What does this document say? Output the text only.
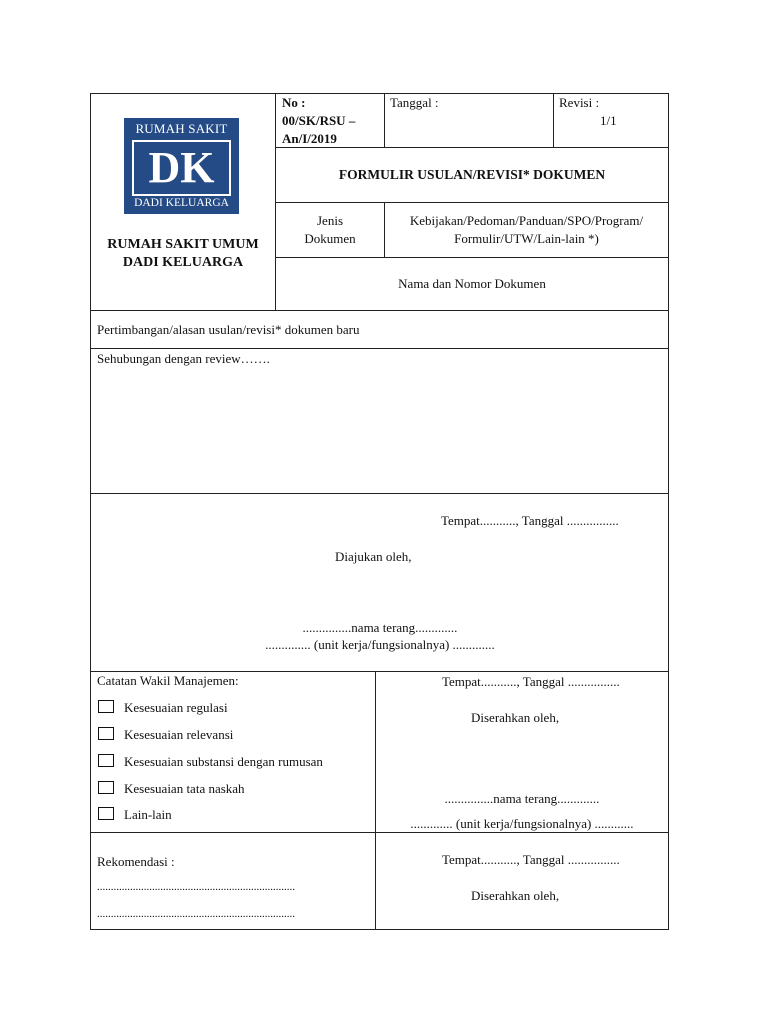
RUMAH SAKIT
DK
DADI KELUARGA
RUMAH SAKIT UMUM
DADI KELUARGA
No :
00/SK/RSU –
An/I/2019
Tanggal :	Revisi :
1/1
FORMULIR USULAN/REVISI* DOKUMEN
Jenis
Dokumen
Kebijakan/Pedoman/Panduan/SPO/Program/
Formulir/UTW/Lain-lain *)
Nama dan Nomor Dokumen
Pertimbangan/alasan usulan/revisi* dokumen baru
Sehubungan dengan review…….
Tempat..........., Tanggal ................
Diajukan oleh,
...............nama terang.............
.............. (unit kerja/fungsionalnya) .............
Catatan Wakil Manajemen:
Kesesuaian regulasi
Kesesuaian relevansi
Kesesuaian substansi dengan rumusan
Kesesuaian tata naskah
Lain-lain
Tempat..........., Tanggal ................
Diserahkan oleh,
...............nama terang.............
............. (unit kerja/fungsionalnya) ............
Rekomendasi :
........................................................................
........................................................................
Tempat..........., Tanggal ................
Diserahkan oleh,
